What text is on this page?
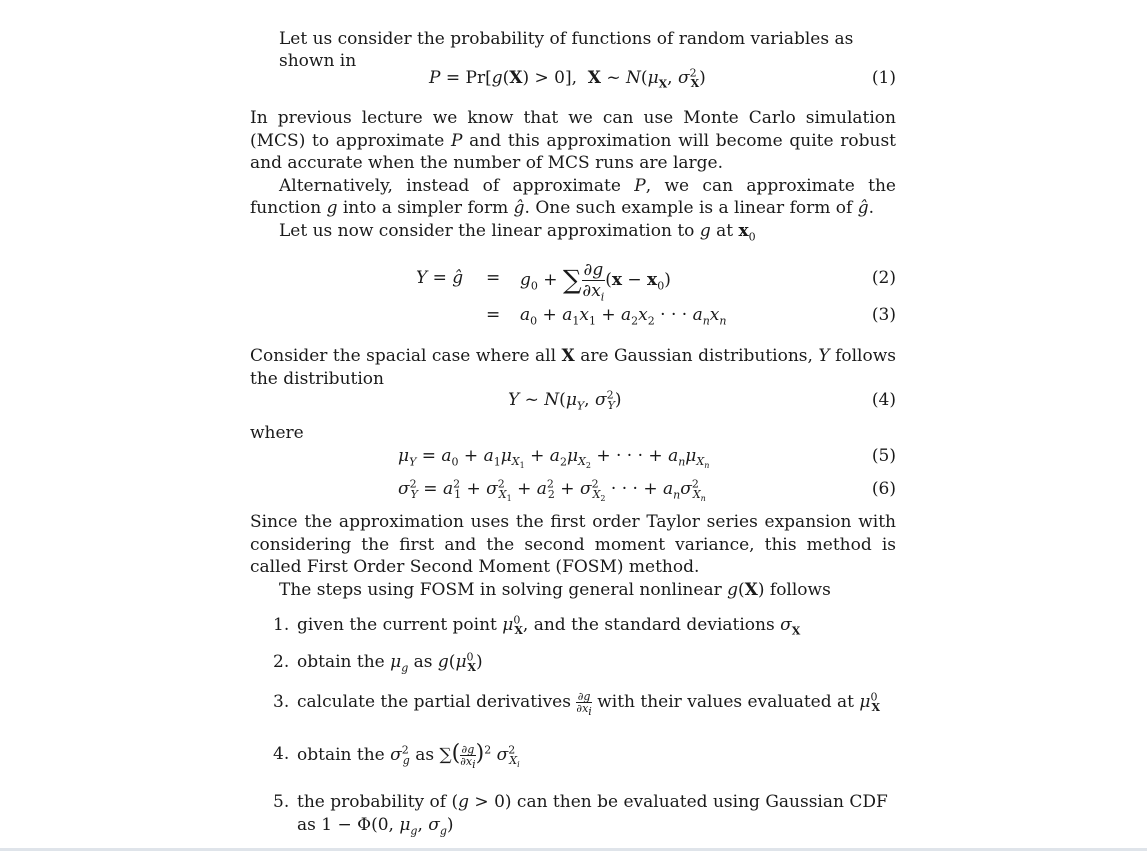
Let us consider the probability of functions of random variables as shown in
P = Pr[g(X) > 0],  X ~ $N(\mu_X$, $\sigma^2_X$)	(1)

In previous lecture we know that we can use Monte Carlo simulation (MCS) to approximate P and this approximation will become quite robust and accurate when the number of MCS runs are large.

Alternatively, instead of approximate P, we can approximate the function g into a simpler form ĝ. One such example is a linear form of ĝ.

Let us now consider the linear approximation to g at $x_0$

Y = ĝ = $g_0$ + ∑ $\frac{\partial g}{\partial x_i} (x - x_0)$	(2)
= $a_0 + a_1x_1 + a_2x_2$ · · · $a_nx_n$	(3)

Consider the spacial case where all X are Gaussian distributions, Y follows the distribution

Y ~ $N(\mu_Y$, $\sigma^2_Y$)	(4)
where
$\mu_Y = a_0 + a_1\mu_{X_1} + a_2\mu_{X_2}$ + · · · + $a_n\mu_{X_n}$
(5)
$\sigma^2_Y = a^2_1 + \sigma^2_{X_1} + a^2_2 + \sigma^2_{X_2}$ · · · + $a_n\sigma^2_{X_n}$
(6)

Since the approximation uses the first order Taylor series expansion with considering the first and the second moment variance, this method is called First Order Second Moment (FOSM) method.

The steps using FOSM in solving general nonlinear g(X) follows

1. given the current point $\mu^0_X$, and the standard deviations $\sigma_X$
2. obtain the $\mu_g$ as $g(\mu^0_X)$
3. calculate the partial derivatives $\frac{\partial g}{\partial x_i}$ with their values evaluated at $\mu^0_X$
4. obtain the $\sigma^2_g$ as ∑( $\frac{\partial g}{\partial x_i} )^2$ $\sigma^2_{X_i}$
5. the probability of (g > 0) can then be evaluated using Gaussian CDF as 1 − Φ(0, $\mu_g$, $\sigma_g$)
